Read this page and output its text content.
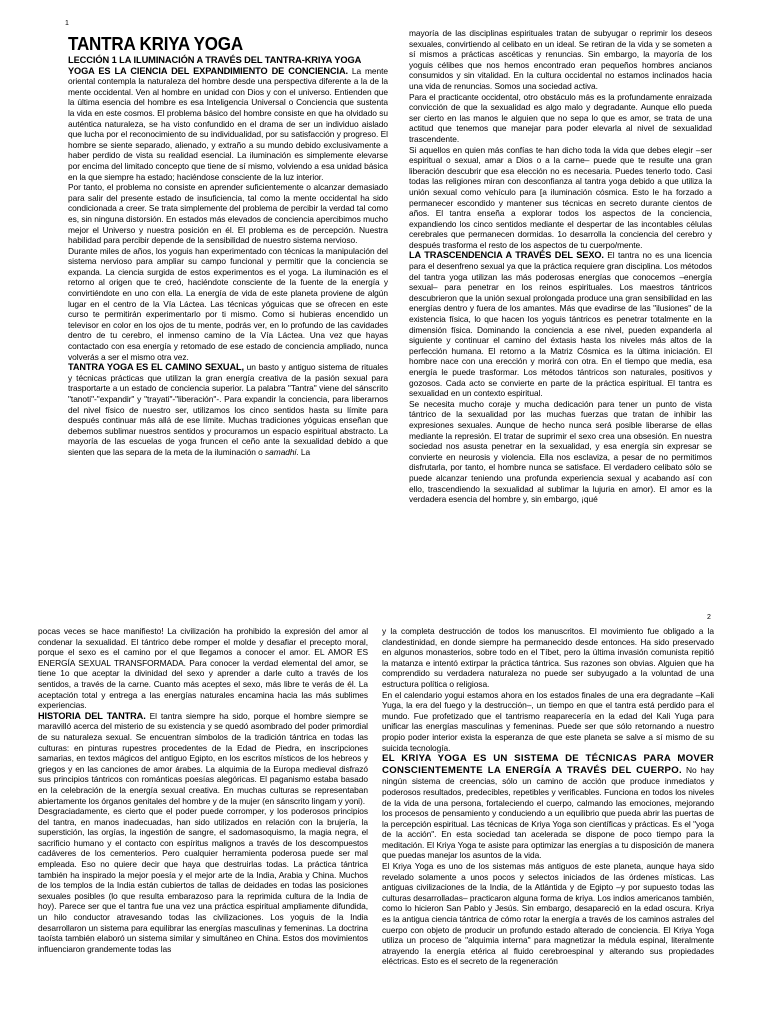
1
TANTRA KRIYA YOGA

LECCIÓN 1 LA ILUMINACIÓN A TRAVÉS DEL TANTRA-KRIYA YOGA

YOGA ES LA CIENCIA DEL EXPANDIMIENTO DE CONCIENCIA. La mente oriental contempla la naturaleza del hombre desde una perspectiva diferente a la de la mente occidental. Ven al hombre en unidad con Dios y con el universo. Entienden que la última esencia del hombre es esa Inteligencia Universal o Conciencia que sustenta la vida en este cosmos. El problema básico del hombre consiste en que ha olvidado su auténtica naturaleza, se ha visto confundido en el drama de ser un individuo aislado que lucha por el reconocimiento de su individualidad, por su satisfacción y progreso. El hombre se siente separado, alienado, y extraño a su mundo debido exclusivamente a haber perdido de vista su realidad esencial. La iluminación es simplemente elevarse por encima del limitado concepto que tiene de sí mismo, volviendo a esa unidad básica en la que siempre ha estado; haciéndose consciente de la luz interior.

Por tanto, el problema no consiste en aprender suficientemente o alcanzar demasiado para salir del presente estado de insuficiencia, tal como la mente occidental ha sido condicionada a creer. Se trata simplemente del problema de percibir la verdad tal como es, sin ninguna distorsión. En estados más elevados de conciencia apercibimos mucho mejor el Universo y nuestra posición en él. El problema es de percepción. Nuestra habilidad para percibir depende de la sensibilidad de nuestro sistema nervioso.

Durante miles de años, los yoguis han experimentado con técnicas la manipulación del sistema nervioso para ampliar su campo funcional y permitir que la conciencia se expanda. La ciencia surgida de estos experimentos es el yoga. La iluminación es el retorno al origen que te creó, haciéndote consciente de la fuente de la energía y convirtiéndote en uno con ella. La energía de vida de este planeta proviene de algún lugar en el centro de la Vía Láctea. Las técnicas yóguicas que se ofrecen en este curso te permitirán experimentarlo por ti mismo. Como si hubieras encendido un televisor en color en los ojos de tu mente, podrás ver, en lo profundo de las cavidades dentro de tu cerebro, el inmenso camino de la Vía Láctea. Una vez que hayas contactado con esa energía y retomado de ese estado de conciencia ampliado, nunca volverás a ser el mismo otra vez.

TANTRA YOGA ES EL CAMINO SEXUAL, un basto y antiguo sistema de rituales y técnicas prácticas que utilizan la gran energía creativa de la pasión sexual para trasportarte a un estado de conciencia superior. La palabra "Tantra" viene del sánscrito "tanoti"-"expandir" y "trayati"-"liberación"-. Para expandir la conciencia, para liberarnos del nivel físico de nuestro ser, utilizamos los cinco sentidos hasta su límite para después continuar más allá de ese límite. Muchas tradiciones yóguicas enseñan que debemos sublimar nuestros sentidos y procuramos un espacio espiritual abstracto. La mayoría de las escuelas de yoga fruncen el ceño ante la sexualidad debido a que sienten que las separa de la meta de la iluminación o samadhi. La

mayoría de las disciplinas espirituales tratan de subyugar o reprimir los deseos sexuales, convirtiendo al celibato en un ideal. Se retiran de la vida y se someten a sí mismos a prácticas ascéticas y renuncias. Sin embargo, la mayoría de los yoguis célibes que nos hemos encontrado eran pequeños hombres ancianos consumidos y sin vitalidad. En la cultura occidental no estamos inclinados hacia una vida de renuncias. Somos una sociedad activa.

Para el practicante occidental, otro obstáculo más es la profundamente enraizada convicción de que la sexualidad es algo malo y degradante. Aunque ello pueda ser cierto en las manos le alguien que no sepa lo que es amor, se trata de una actitud que tenemos que manejar para poder elevarla al nivel de sexualidad trascendente.

Si aquellos en quien más confías te han dicho toda la vida que debes elegir –ser espiritual o sexual, amar a Dios o a la carne– puede que te resulte una gran liberación descubrir que esa elección no es necesaria. Puedes tenerlo todo. Casi todas las religiones miran con desconfianza al tantra yoga debido a que utiliza la unión sexual como vehículo para [a iluminación cósmica. Esto le ha forzado a permanecer escondido y mantener sus técnicas en secreto durante cientos de años. El tantra enseña a explorar todos los aspectos de la conciencia, expandiendo los cinco sentidos mediante el despertar de las incontables células cerebrales que permanecen dormidas. 1o desarrolla la conciencia del cerebro y después trasforma el resto de los aspectos de tu cuerpo/mente.

LA TRASCENDENCIA A TRAVÉS DEL SEXO. El tantra no es una licencia para el desenfreno sexual ya que la práctica requiere gran disciplina. Los métodos del tantra yoga utilizan las más poderosas energías que conocemos –energía sexual– para penetrar en los reinos espirituales. Los maestros tántricos descubrieron que la unión sexual prolongada produce una gran sensibilidad en las energías dentro y fuera de los amantes. Más que evadirse de las "ilusiones" de la existencia física, lo que hacen los yoguis tántricos es penetrar totalmente en la dimensión física. Dominando la conciencia a ese nivel, pueden expanderla al siguiente y continuar el camino del éxtasis hasta los niveles más altos de la perfección humana. El retorno a la Matriz Cósmica es la última iniciación. El hombre nace con una erección y morirá con otra. En el tiempo que media, esa energía le puede trasformar. Los métodos tántricos son naturales, positivos y gozosos. Cada acto se convierte en parte de la práctica espiritual. El tantra es sexualidad en un contexto espiritual.

Se necesita mucho coraje y mucha dedicación para tener un punto de vista tántrico de la sexualidad por las muchas fuerzas que tratan de inhibir las expresiones sexuales. Aunque de hecho nunca será posible liberarse de ellas mediante la represión. El tratar de suprimir el sexo crea una obsesión. En nuestra sociedad nos asusta penetrar en la sexualidad, y esa energía sin expresar se convierte en neurosis y violencia. Ella nos esclaviza, a pesar de no permitimos disfrutarla, por tanto, el hombre nunca se satisface. El verdadero celibato sólo se puede alcanzar teniendo una profunda experiencia sexual y acabando así con ello, trascendiendo la sexualidad al sublimar la lujuria en amor). El amor es la verdadera esencia del hombre y, sin embargo, ¡qué

2

pocas veces se hace manifiesto! La civilización ha prohibido la expresión del amor al condenar la sexualidad. El tántrico debe romper el molde y desafiar el precepto moral, porque el sexo es el camino por el que llegamos a conocer el amor. EL AMOR ES ENERGÍA SEXUAL TRANSFORMADA. Para conocer la verdad elemental del amor, se tiene 1o que aceptar la divinidad del sexo y aprender a darle culto a través de los sentidos, a través de la carne. Cuanto más aceptes el sexo, más libre te verás de él. La aceptación total y entrega a las energías naturales encamina hacia las más sublimes experiencias.

HISTORIA DEL TANTRA. El tantra siempre ha sido, porque el hombre siempre se maravilló acerca del misterio de su existencia y se quedó asombrado del poder primordial de su naturaleza sexual. Se encuentran símbolos de la tradición tántrica en todas las culturas: en pinturas rupestres procedentes de la Edad de Piedra, en inscripciones samarias, en textos mágicos del antiguo Egipto, en los escritos místicos de los hebreos y griegos y en las canciones de amor árabes. La alquimia de la Europa medieval disfrazó sus principios tántricos con románticas poesías alegóricas. El paganismo estaba basado en la celebración de la energía sexual creativa. En muchas culturas se representaban abiertamente los órganos genitales del hombre y de la mujer (en sánscrito lingam y yoni).

Desgraciadamente, es cierto que el poder puede corromper, y los poderosos principios del tantra, en manos inadecuadas, han sido utilizados en relación con la brujería, la superstición, las orgías, la ingestión de sangre, el sadomasoquismo, la magia negra, el sacrificio humano y el contacto con espíritus malignos a través de los descompuestos cadáveres de los cementerios. Pero cualquier herramienta poderosa puede ser mal empleada. Eso no quiere decir que haya que destruirlas todas. La práctica tántrica también ha inspirado la mejor poesía y el mejor arte de la India, Arabia y China. Muchos de los templos de la India están cubiertos de tallas de deidades en todas las posiciones sexuales posibles (lo que resulta embarazoso para la reprimida cultura de la India de hoy). Parece ser que el tantra fue una vez una práctica espiritual ampliamente difundida, un hilo conductor atravesando todas las civilizaciones. Los yoguis de la India desarrollaron un sistema para equilibrar las energías masculinas y femeninas. La doctrina taoísta también elaboró un sistema similar y simultáneo en China. Estos dos movimientos influenciaron grandemente todas las

y la completa destrucción de todos los manuscritos. El movimiento fue obligado a la clandestinidad, en donde siempre ha permanecido desde entonces. Ha sido preservado en algunos monasterios, sobre todo en el Tíbet, pero la última invasión comunista repitió la matanza e intentó extirpar la práctica tántrica. Sus razones son obvias. Alguien que ha comprendido su verdadera naturaleza no puede ser subyugado a la voluntad de una estructura política o religiosa.

En el calendario yogui estamos ahora en los estados finales de una era degradante –Kali Yuga, la era del fuego y la destrucción–, un tiempo en que el tantra está perdido para el mundo. Fue profetizado que el tantrismo reaparecería en la edad del Kali Yuga para unificar las energías masculinas y femeninas. Puede ser que sólo retornando a nuestro propio poder interior exista la esperanza de que este planeta se salve a sí mismo de su suicida tecnología.

EL KRIYA YOGA ES UN SISTEMA DE TÉCNICAS PARA MOVER CONSCIENTEMENTE LA ENERGÍA A TRAVÉS DEL CUERPO. No hay ningún sistema de creencias, sólo un camino de acción que produce inmediatos y poderosos resultados, predecibles, repetibles y verificables. Funciona en todos los niveles de la vida de una persona, fortaleciendo el cuerpo, calmando las emociones, mejorando los procesos de pensamiento y conduciendo a un equilibrio que pueda abrir las puertas de la percepción espiritual. Las técnicas de Kriya Yoga son científicas y prácticas. Es el "yoga de la acción". En esta sociedad tan acelerada se dispone de poco tiempo para la meditación. El Kriya Yoga te asiste para optimizar las energías a tu disposición de manera que puedas manejar los asuntos de la vida.

El Kriya Yoga es uno de los sistemas más antiguos de este planeta, aunque haya sido revelado solamente a unos pocos y selectos iniciados de las órdenes místicas. Las antiguas civilizaciones de la India, de la Atlántida y de Egipto –y por supuesto todas las culturas desarrolladas– practicaron alguna forma de kriya. Los indios americanos también, como lo hicieron San Pablo y Jesús. Sin embargo, desapareció en la edad oscura. Kriya es la antigua ciencia tántrica de cómo rotar la energía a través de los caminos astrales del cuerpo con objeto de producir un profundo estado alterado de conciencia. El Kriya Yoga utiliza un proceso de "alquimia interna" para magnetizar la médula espinal, literalmente atrayendo la energía etérica al fluido cerebroespinal y alterando sus propiedades eléctricas. Esto es el secreto de la regeneración
